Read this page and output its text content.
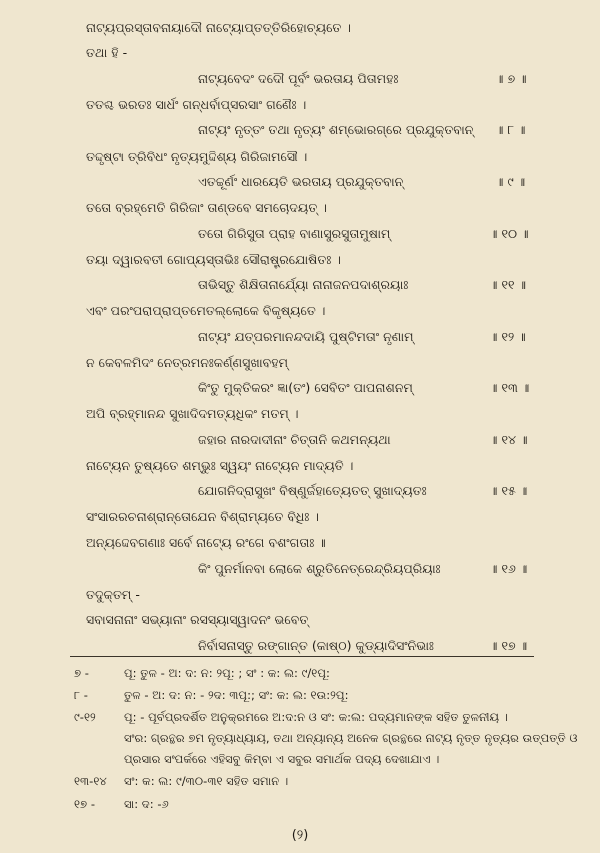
ନାଟ୍ୟପ୍ରସ୍ତାବନାୟାଦୌ ନାଟ୍ୟୋପ୍ତତ୍ତିରିହୋଚ୍ୟତେ ।
ତଥା ହି -
ନାଟ୍ୟବେଦଂ ଦଦୌ ପୂର୍ବଂ ଭରତାୟ ପିତାମହଃ	॥ ୭ ॥
ତତଶ୍ଚ ଭରତଃ ସାର୍ଧଂ ଗନ୍ଧର୍ବାପ୍ସରସାଂ ଗଣୈଃ ।
ନାଟ୍ୟଂ ନୃତ୍ତଂ ତଥା ନୃତ୍ୟଂ ଶମ୍ଭୋରଗ୍ରେ ପ୍ରଯୁକ୍ତବାନ୍ ॥ ୮ ॥
ତଦ୍ଦୃଷ୍ଟା ତ୍ରିବିଧଂ ନୃତ୍ୟମୁଦ୍ଦିଶ୍ୟ ଗିରିଜାମସୌ ।
ଏତଚ୍ଚୂର୍ଣଂ ଧାରୟେତି ଭରତାୟ ପ୍ରଯୁକ୍ତବାନ୍	॥ ୯ ॥
ତତୋ ବ୍ରହ୍ମେତି ଗିରିଜାଂ ତାଣ୍ଡବେ ସମଚୋଦୟତ୍ ।
ତତୋ ଗିରିସୁତା ପ୍ରାହ ବାଣାସୁରସୁତାମୁଷାମ୍	॥ ୧୦ ॥
ତୟା ଦ୍ୱାରବତୀ ଗୋପ୍ୟସ୍ତାଭିଃ ସୌରାଷ୍ଟ୍ରଯୋଷିତଃ ।
ତାଭିସ୍ତୁ ଶିକ୍ଷିତାନାର୍ଯ୍ୟୋ ନାନାଜନପଦାଶ୍ରୟାଃ	॥ ୧୧ ॥
ଏବଂ ପରଂପରାପ୍ରାପ୍ତମେତଲ୍ଲୋକେ ବିକୃଷ୍ୟତେ ।
ନାଟ୍ୟଂ ଯତ୍ପରମାନନ୍ଦଦାୟି ପୁଷ୍ଟିମତାଂ ନୃଣାମ୍	॥ ୧୨ ॥
ନ କେବଳମିଦଂ ନେତ୍ରମନଃକର୍ଣ୍ଣସୁଖାବହମ୍
କିଂତୁ ମୁକ୍ତିକରଂ ଜ୍ଞା(ତଂ) ସେବିତଂ ପାପନାଶନମ୍	॥ ୧୩ ॥
ଅପି ବ୍ରହ୍ମାନନ୍ଦ ସୁଖାଦିଦମତ୍ୟଧିକଂ ମତମ୍ ।
ଜହାର ନାରଦାଦୀନାଂ ଚିତ୍ତାନି କଥମନ୍ୟଥା	॥ ୧୪ ॥
ନାଟ୍ୟେନ ତୁଷ୍ୟତେ ଶମ୍ଭୁଃ ସ୍ୱୟଂ ନାଟ୍ୟେନ ମାଦ୍ୟତି ।
ଯୋଗନିଦ୍ରାସୁଖଂ ବିଷ୍ଣୁର୍ଜହାତ୍ୟେତତ୍ ସୁଖାଦ୍ୟତଃ	॥ ୧୫ ॥
ସଂସାରରଚନାଶ୍ରାନ୍ତୋଯେନ ବିଶ୍ରାମ୍ୟତେ ବିଧିଃ ।
ଅନ୍ୟଦ୍ଦେବଗଣାଃ ସର୍ବେ ନାଟ୍ୟେ ରଂଗେ ବଶଂଗତାଃ ॥
କିଂ ପୁନର୍ମାନବା ଲୋକେ ଶ୍ରୁତିନେତ୍ରେନ୍ଦ୍ରିୟପ୍ରିୟାଃ	॥ ୧୬ ॥
ତଦୁକ୍ତମ୍ -
ସବାସନାନାଂ ସଭ୍ୟାନାଂ ରସସ୍ୟାସ୍ୱାଦନଂ ଭବେତ୍
ନିର୍ବାସନାସ୍ତୁ ରଙ୍ଗାନ୍ତ (କାଷ୍ଠ) କୁଡ୍ୟାଦିସଂନିଭାଃ	॥ ୧୭ ॥
୭ -	ପୂ: ତୁଳ - ଅ: ଦ: ନ: ୨ପୂ: ; ସଂ : କ: ଲ: ୯/୧ପୂ:
୮ -	ତୁଳ - ଅ: ଦ: ନ: - ୨ଦ: ୩ପୂ:; ସଂ: କ: ଲ: ୧ଉ:୨ପୂ:
୯-୧୨ ପୂ: - ପୂର୍ବପ୍ରଦର୍ଶିତ ଅନୁକ୍ରମରେ ଅ:ଦ:ନ ଓ ସଂ: କ:ଲ: ପଦ୍ୟମାନଙ୍କ ସହିତ ତୁଳନୀୟ ।
ସଂର: ଗ୍ରନ୍ଥର ୭ମ ନୃତ୍ୟାଧ୍ୟାୟ, ତଥା ଅନ୍ୟାନ୍ୟ ଅନେକ ଗ୍ରନ୍ଥରେ ନାଟ୍ୟ ନୃତ୍ତ ନୃତ୍ୟର ଉତ୍ପତ୍ତି ଓ
ପ୍ରସାର ସଂପର୍କରେ ଏହିସବୁ କିମ୍ବା ଏ ସବୁର ସମାର୍ଥକ ପଦ୍ୟ ଦେଖାଯାଏ ।
୧୩-୧୪ ସଂ: କ: ଲ: ୯/୩୦-୩୧ ସହିତ ସମାନ ।
୧୭ - ସା: ଦ: -୬
(୨)
